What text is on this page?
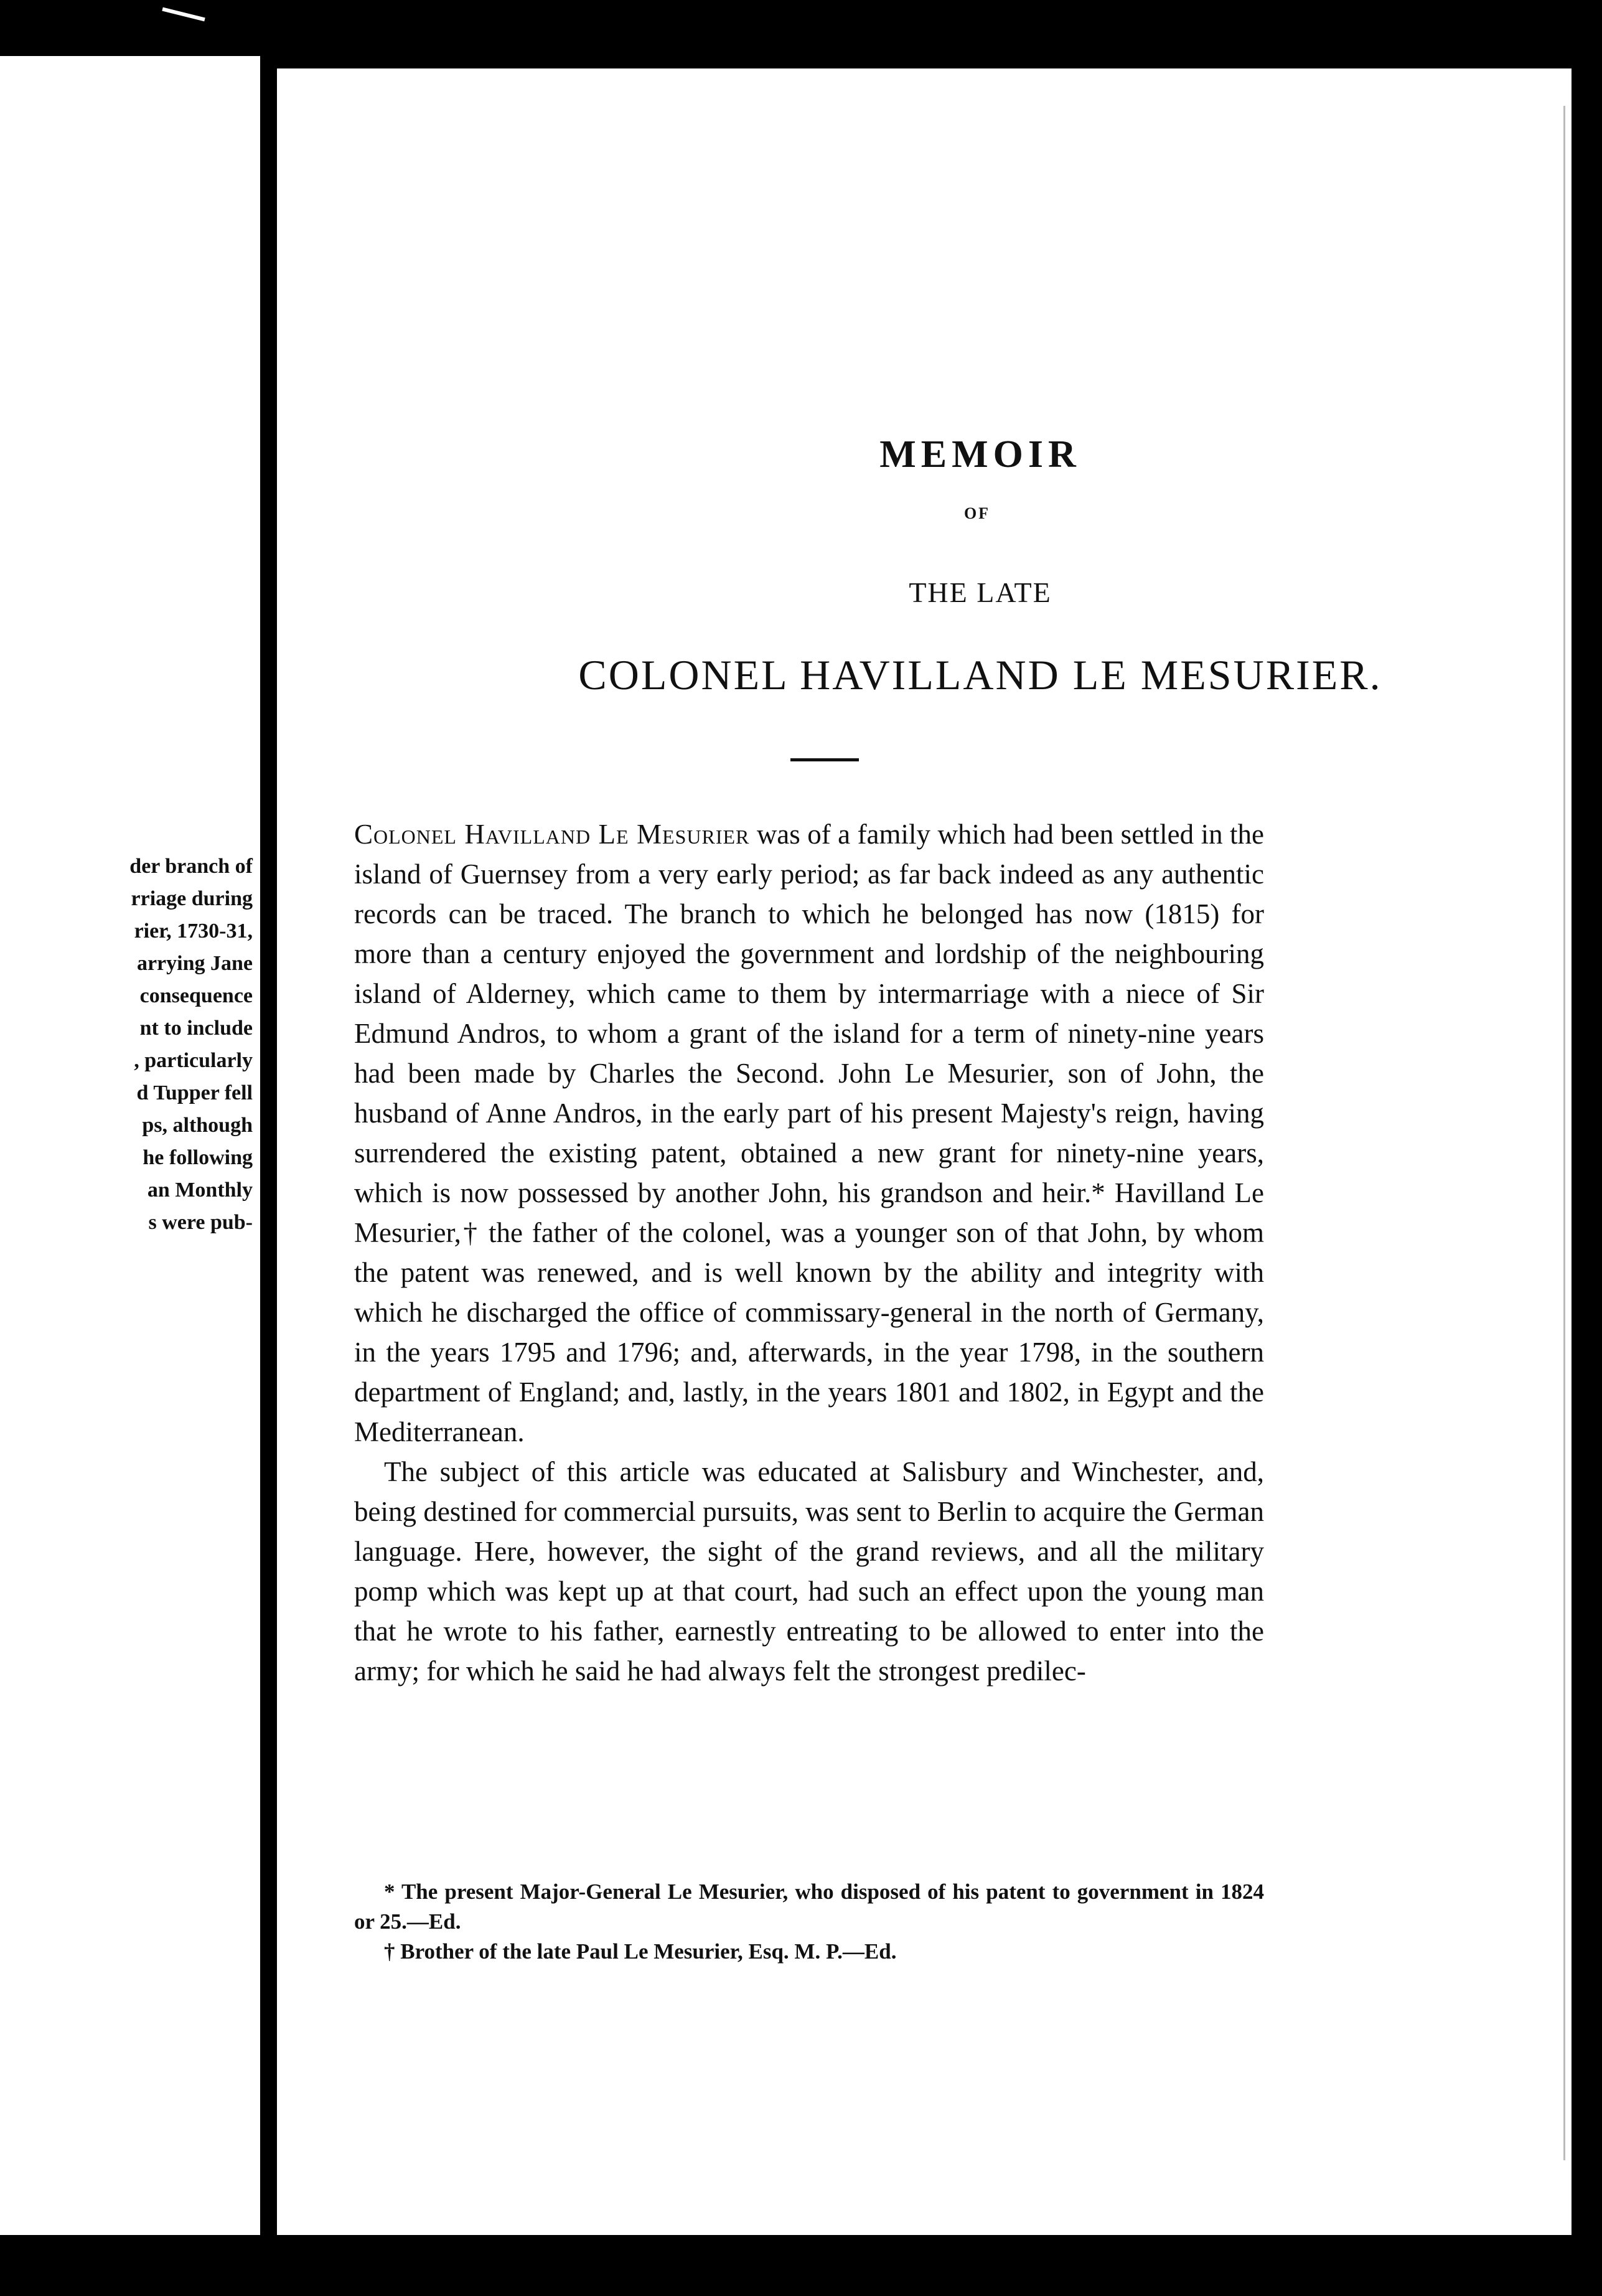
der branch of
rriage during
rier, 1730-31,
arrying Jane
consequence
nt to include
, particularly
d Tupper fell
ps, although
he following
an Monthly
s were pub-
MEMOIR
OF
THE LATE
COLONEL HAVILLAND LE MESURIER.

Colonel Havilland Le Mesurier was of a family which had been settled in the island of Guernsey from a very early period; as far back indeed as any authentic records can be traced. The branch to which he belonged has now (1815) for more than a century enjoyed the government and lordship of the neighbouring island of Alderney, which came to them by intermarriage with a niece of Sir Edmund Andros, to whom a grant of the island for a term of ninety-nine years had been made by Charles the Second. John Le Mesurier, son of John, the husband of Anne Andros, in the early part of his present Majesty's reign, having surrendered the existing patent, obtained a new grant for ninety-nine years, which is now possessed by another John, his grandson and heir.* Havilland Le Mesurier,† the father of the colonel, was a younger son of that John, by whom the patent was renewed, and is well known by the ability and integrity with which he discharged the office of commissary-general in the north of Germany, in the years 1795 and 1796; and, afterwards, in the year 1798, in the southern department of England; and, lastly, in the years 1801 and 1802, in Egypt and the Mediterranean.

The subject of this article was educated at Salisbury and Winchester, and, being destined for commercial pursuits, was sent to Berlin to acquire the German language. Here, however, the sight of the grand reviews, and all the military pomp which was kept up at that court, had such an effect upon the young man that he wrote to his father, earnestly entreating to be allowed to enter into the army; for which he said he had always felt the strongest predilec-

* The present Major-General Le Mesurier, who disposed of his patent to government in 1824 or 25.—Ed.

† Brother of the late Paul Le Mesurier, Esq. M. P.—Ed.
